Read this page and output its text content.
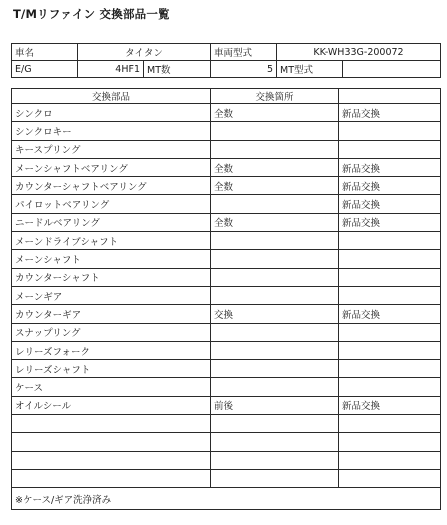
T/Mリファイン 交換部品一覧
車名	タイタン		車両型式	KK-WH33G-200072	
E/G	4HF1	MT数	5	MT型式	
交換部品	交換箇所	
シンクロ	全数	新品交換
シンクロキー		
キースプリング		
メーンシャフトベアリング	全数	新品交換
カウンターシャフトベアリング	全数	新品交換
パイロットベアリング		新品交換
ニードルベアリング	全数	新品交換
メーンドライブシャフト		
メーンシャフト		
カウンターシャフト		
メーンギア		
カウンターギア	交換	新品交換
スナップリング		
レリーズフォーク		
レリーズシャフト		
ケース		
オイルシール	前後	新品交換

※ケース/ギア洗浄済み		
